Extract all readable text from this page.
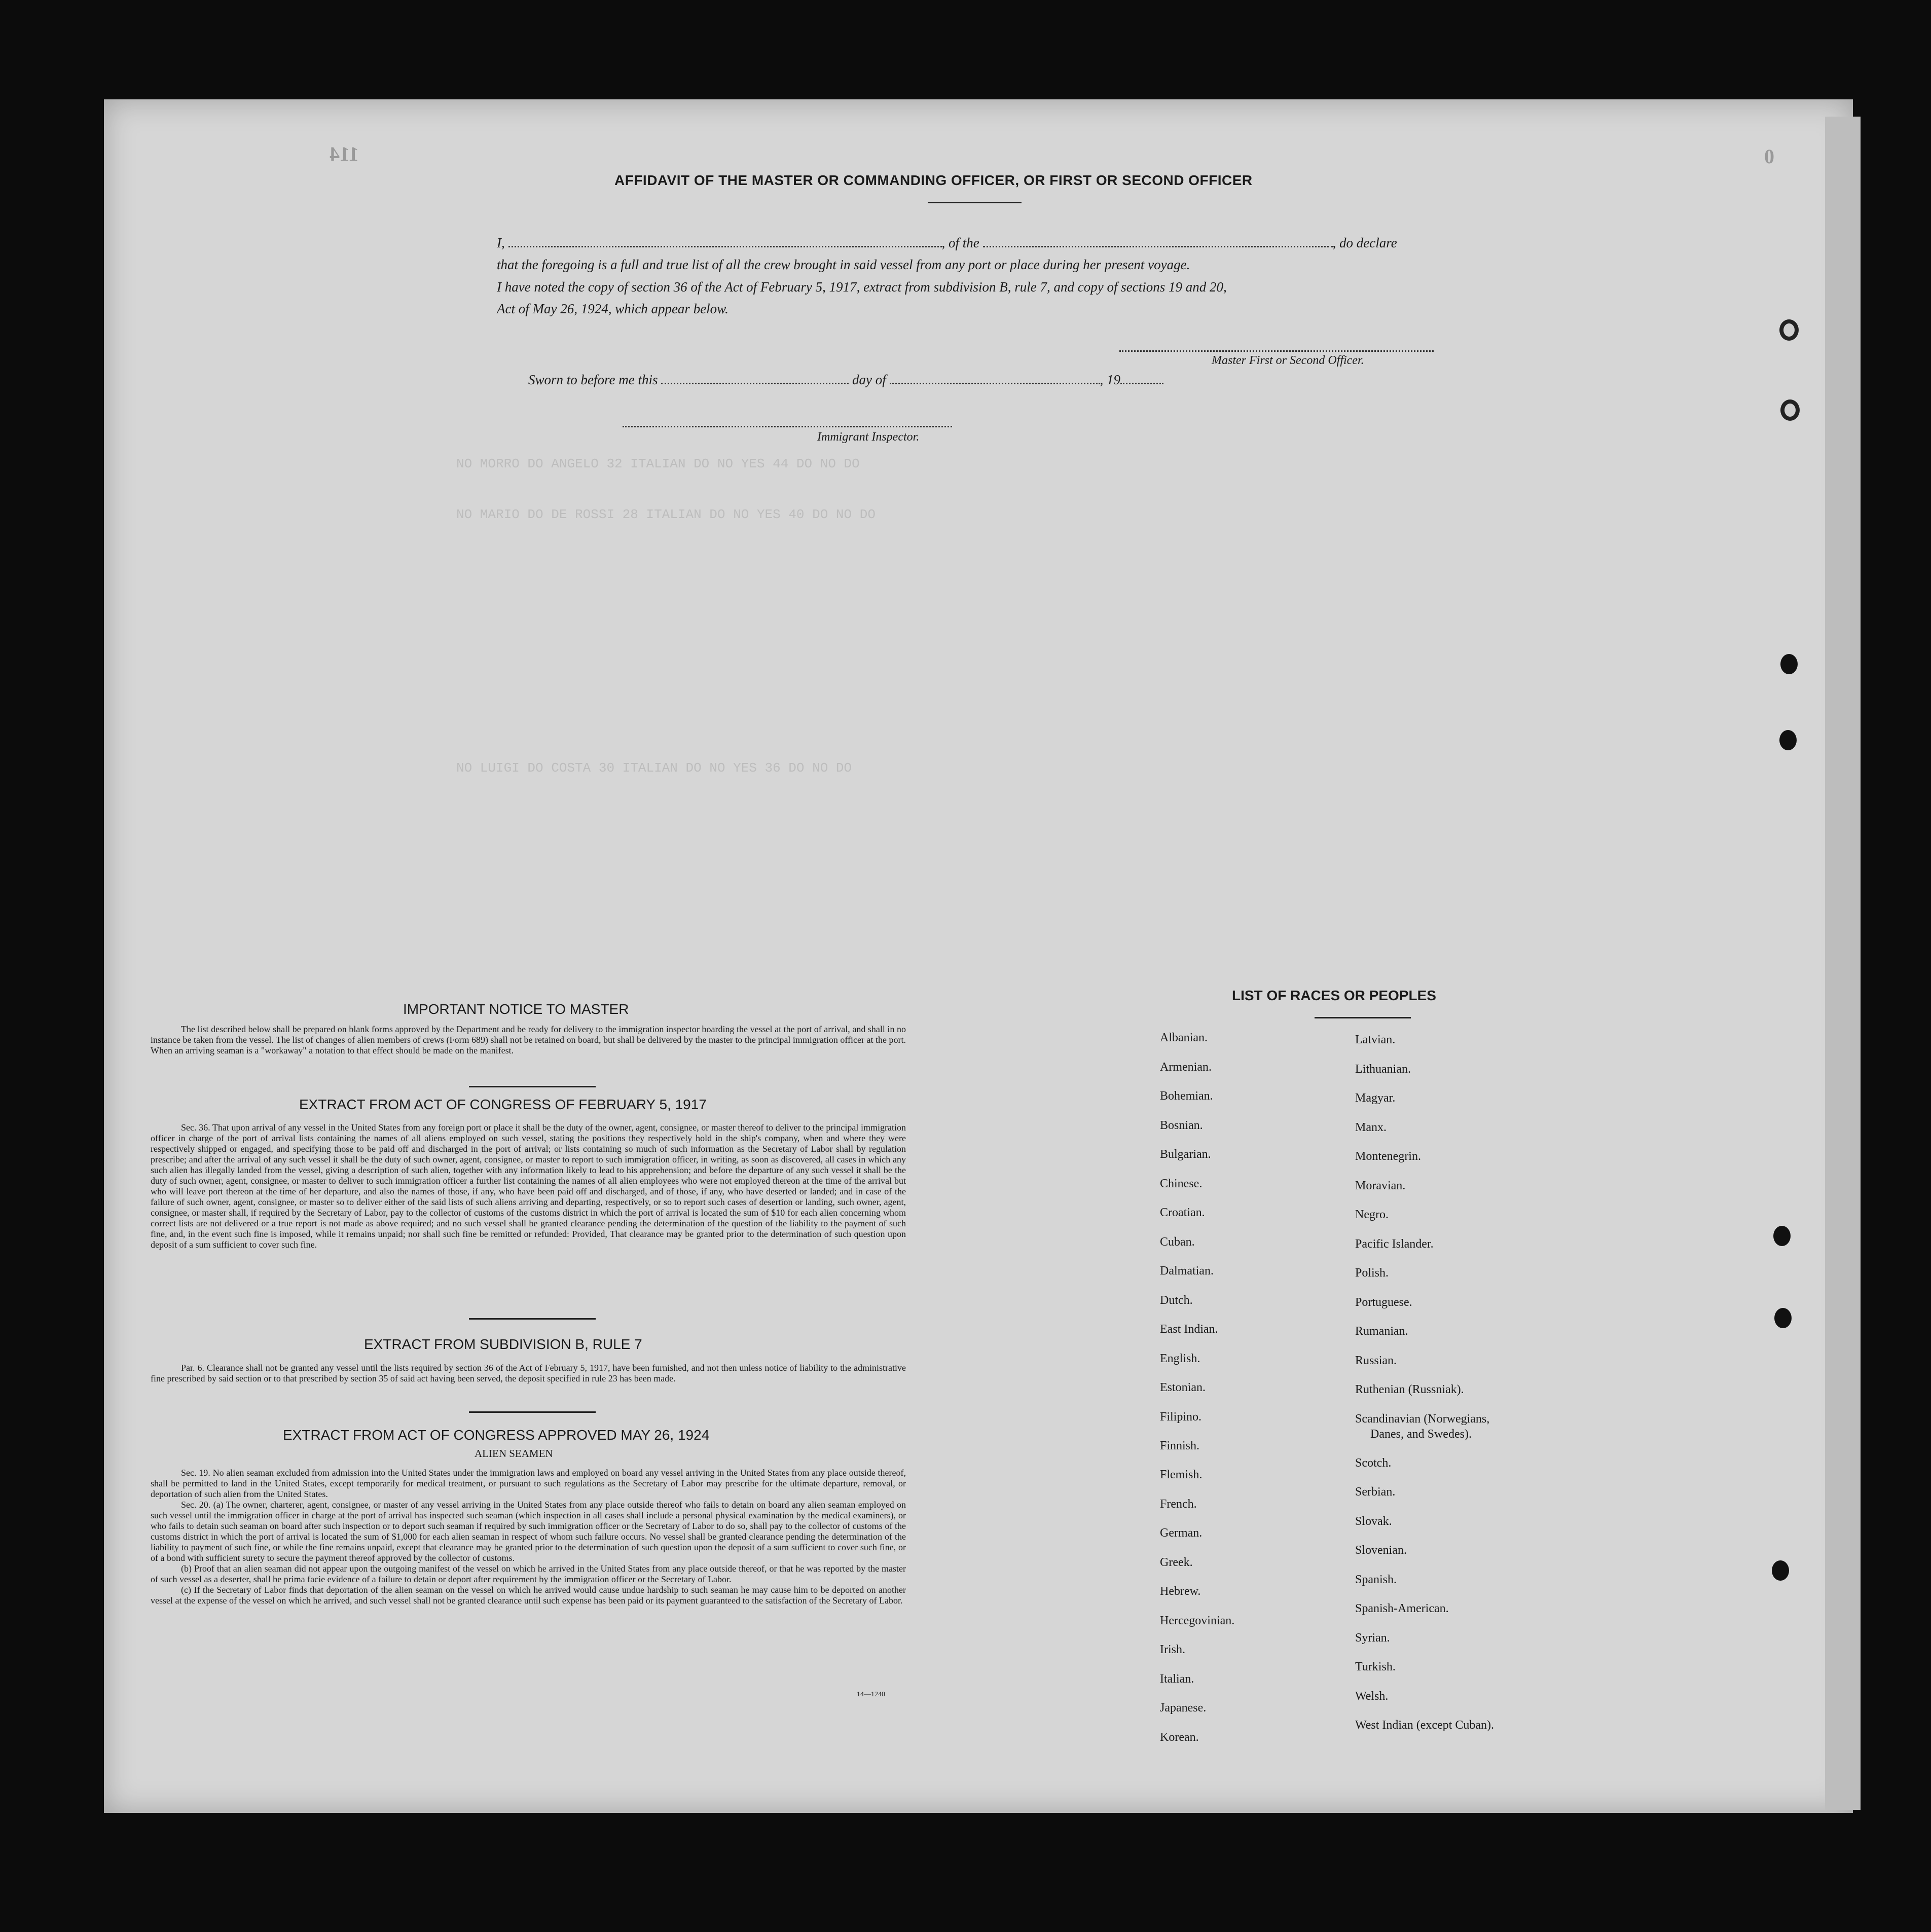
114	0
NO MORRO DO ANGELO 32 ITALIAN DO NO YES 44 DO NO DO
NO MARIO DO DE ROSSI 28 ITALIAN DO NO YES 40 DO NO DO
NO LUIGI DO COSTA 30 ITALIAN DO NO YES 36 DO NO DO
AFFIDAVIT OF THE MASTER OR COMMANDING OFFICER, OR FIRST OR SECOND OFFICER
I,	, of the	, do declare
that the foregoing is a full and true list of all the crew brought in said vessel from any port or place during her present voyage.
I have noted the copy of section 36 of the Act of February 5, 1917, extract from subdivision B, rule 7, and copy of sections 19 and 20,
Act of May 26, 1924, which appear below.
Master First or Second Officer.
Sworn to before me this	day of	, 19
Immigrant Inspector.
IMPORTANT NOTICE TO MASTER

The list described below shall be prepared on blank forms approved by the Department and be ready for delivery to the immigration inspector boarding the vessel at the port of arrival, and shall in no instance be taken from the vessel. The list of changes of alien members of crews (Form 689) shall not be retained on board, but shall be delivered by the master to the principal immigration officer at the port. When an arriving seaman is a "workaway" a notation to that effect should be made on the manifest.

EXTRACT FROM ACT OF CONGRESS OF FEBRUARY 5, 1917

Sec. 36. That upon arrival of any vessel in the United States from any foreign port or place it shall be the duty of the owner, agent, consignee, or master thereof to deliver to the principal immigration officer in charge of the port of arrival lists containing the names of all aliens employed on such vessel, stating the positions they respectively hold in the ship's company, when and where they were respectively shipped or engaged, and specifying those to be paid off and discharged in the port of arrival; or lists containing so much of such information as the Secretary of Labor shall by regulation prescribe; and after the arrival of any such vessel it shall be the duty of such owner, agent, consignee, or master to report to such immigration officer, in writing, as soon as discovered, all cases in which any such alien has illegally landed from the vessel, giving a description of such alien, together with any information likely to lead to his apprehension; and before the departure of any such vessel it shall be the duty of such owner, agent, consignee, or master to deliver to such immigration officer a further list containing the names of all alien employees who were not employed thereon at the time of the arrival but who will leave port thereon at the time of her departure, and also the names of those, if any, who have been paid off and discharged, and of those, if any, who have deserted or landed; and in case of the failure of such owner, agent, consignee, or master so to deliver either of the said lists of such aliens arriving and departing, respectively, or so to report such cases of desertion or landing, such owner, agent, consignee, or master shall, if required by the Secretary of Labor, pay to the collector of customs of the customs district in which the port of arrival is located the sum of $10 for each alien concerning whom correct lists are not delivered or a true report is not made as above required; and no such vessel shall be granted clearance pending the determination of the question of the liability to the payment of such fine, and, in the event such fine is imposed, while it remains unpaid; nor shall such fine be remitted or refunded: Provided, That clearance may be granted prior to the determination of such question upon deposit of a sum sufficient to cover such fine.

EXTRACT FROM SUBDIVISION B, RULE 7

Par. 6. Clearance shall not be granted any vessel until the lists required by section 36 of the Act of February 5, 1917, have been furnished, and not then unless notice of liability to the administrative fine prescribed by said section or to that prescribed by section 35 of said act having been served, the deposit specified in rule 23 has been made.

EXTRACT FROM ACT OF CONGRESS APPROVED MAY 26, 1924
ALIEN SEAMEN

Sec. 19. No alien seaman excluded from admission into the United States under the immigration laws and employed on board any vessel arriving in the United States from any place outside thereof, shall be permitted to land in the United States, except temporarily for medical treatment, or pursuant to such regulations as the Secretary of Labor may prescribe for the ultimate departure, removal, or deportation of such alien from the United States.

Sec. 20. (a) The owner, charterer, agent, consignee, or master of any vessel arriving in the United States from any place outside thereof who fails to detain on board any alien seaman employed on such vessel until the immigration officer in charge at the port of arrival has inspected such seaman (which inspection in all cases shall include a personal physical examination by the medical examiners), or who fails to detain such seaman on board after such inspection or to deport such seaman if required by such immigration officer or the Secretary of Labor to do so, shall pay to the collector of customs of the customs district in which the port of arrival is located the sum of $1,000 for each alien seaman in respect of whom such failure occurs. No vessel shall be granted clearance pending the determination of the liability to payment of such fine, or while the fine remains unpaid, except that clearance may be granted prior to the determination of such question upon the deposit of a sum sufficient to cover such fine, or of a bond with sufficient surety to secure the payment thereof approved by the collector of customs.

(b) Proof that an alien seaman did not appear upon the outgoing manifest of the vessel on which he arrived in the United States from any place outside thereof, or that he was reported by the master of such vessel as a deserter, shall be prima facie evidence of a failure to detain or deport after requirement by the immigration officer or the Secretary of Labor.

(c) If the Secretary of Labor finds that deportation of the alien seaman on the vessel on which he arrived would cause undue hardship to such seaman he may cause him to be deported on another vessel at the expense of the vessel on which he arrived, and such vessel shall not be granted clearance until such expense has been paid or its payment guaranteed to the satisfaction of the Secretary of Labor.

14—1240
LIST OF RACES OR PEOPLES
Albanian.
Armenian.
Bohemian.
Bosnian.
Bulgarian.
Chinese.
Croatian.
Cuban.
Dalmatian.
Dutch.
East Indian.
English.
Estonian.
Filipino.
Finnish.
Flemish.
French.
German.
Greek.
Hebrew.
Hercegovinian.
Irish.
Italian.
Japanese.
Korean.
Latvian.
Lithuanian.
Magyar.
Manx.
Montenegrin.
Moravian.
Negro.
Pacific Islander.
Polish.
Portuguese.
Rumanian.
Russian.
Ruthenian (Russniak).
Scandinavian (Norwegians,
Danes, and Swedes).
Scotch.
Serbian.
Slovak.
Slovenian.
Spanish.
Spanish-American.
Syrian.
Turkish.
Welsh.
West Indian (except Cuban).
